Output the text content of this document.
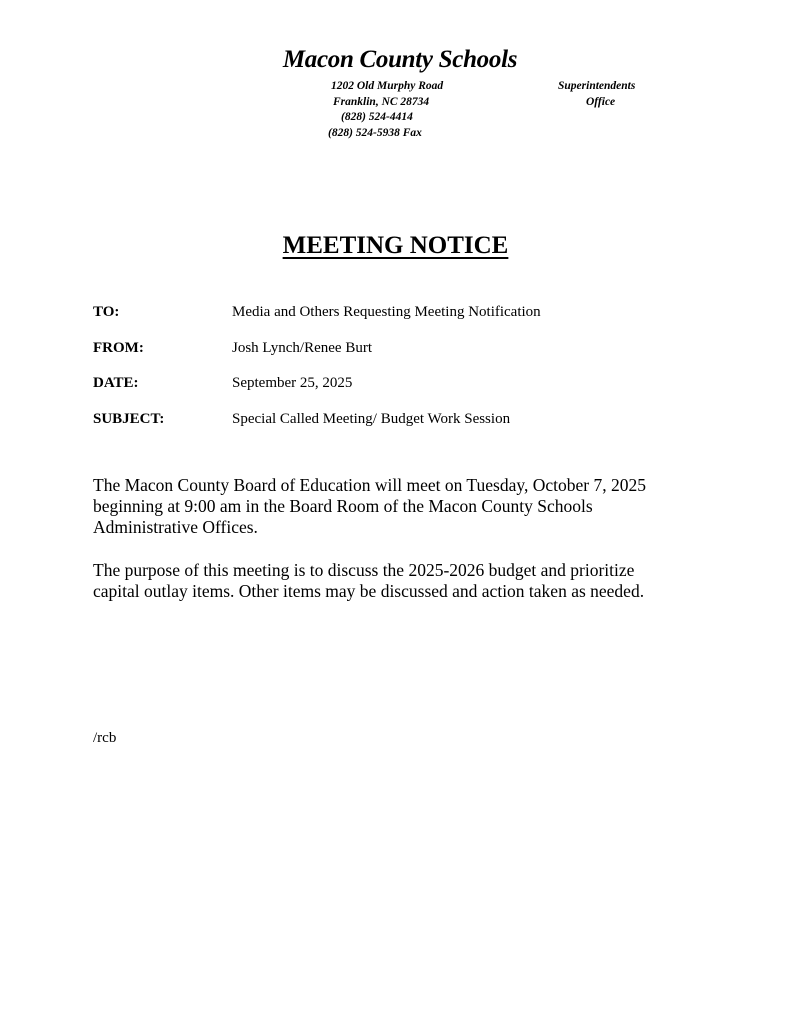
Macon County Schools
1202 Old Murphy Road
Franklin, NC 28734
(828) 524-4414
(828) 524-5938 Fax
Superintendents
Office
MEETING NOTICE
TO:	Media and Others Requesting Meeting Notification
FROM:	Josh Lynch/Renee Burt
DATE:	September 25, 2025
SUBJECT:	Special Called Meeting/ Budget Work Session
The Macon County Board of Education will meet on Tuesday, October 7, 2025
beginning at 9:00 am in the Board Room of the Macon County Schools
Administrative Offices.
The purpose of this meeting is to discuss the 2025-2026 budget and prioritize
capital outlay items. Other items may be discussed and action taken as needed.
/rcb
